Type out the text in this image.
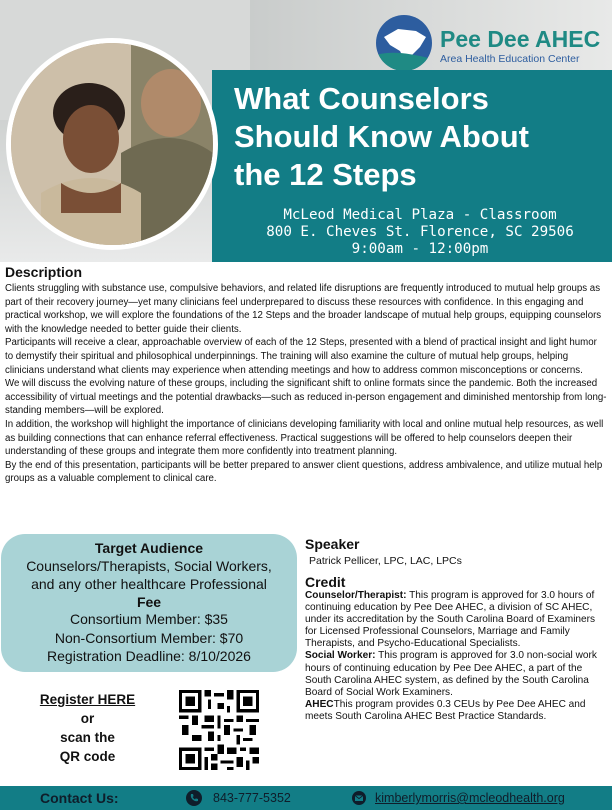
Pee Dee AHEC
Area Health Education Center
What Counselors
Should Know About
the 12 Steps
McLeod Medical Plaza - Classroom
800 E. Cheves St. Florence, SC 29506
9:00am - 12:00pm
Description

Clients struggling with substance use, compulsive behaviors, and related life disruptions are frequently introduced to mutual help groups as part of their recovery journey—yet many clinicians feel underprepared to discuss these resources with confidence. In this engaging and practical workshop, we will explore the foundations of the 12 Steps and the broader landscape of mutual help groups, equipping counselors with the knowledge needed to better guide their clients.

Participants will receive a clear, approachable overview of each of the 12 Steps, presented with a blend of practical insight and light humor to demystify their spiritual and philosophical underpinnings. The training will also examine the culture of mutual help groups, helping clinicians understand what clients may experience when attending meetings and how to address common misconceptions or concerns.

We will discuss the evolving nature of these groups, including the significant shift to online formats since the pandemic. Both the increased accessibility of virtual meetings and the potential drawbacks—such as reduced in-person engagement and diminished mentorship from long-standing members—will be explored.

In addition, the workshop will highlight the importance of clinicians developing familiarity with local and online mutual help resources, as well as building connections that can enhance referral effectiveness. Practical suggestions will be offered to help counselors deepen their understanding of these groups and integrate them more confidently into treatment planning.

By the end of this presentation, participants will be better prepared to answer client questions, address ambivalence, and utilize mutual help groups as a valuable complement to clinical care.

Target Audience
Counselors/Therapists, Social Workers,
and any other healthcare Professional
Fee
Consortium Member: $35
Non-Consortium Member: $70
Registration Deadline: 8/10/2026
Register HERE
or
scan the
QR code
Speaker
Patrick Pellicer, LPC, LAC, LPCs
Credit

Counselor/Therapist: This program is approved for 3.0 hours of continuing education by Pee Dee AHEC, a division of SC AHEC, under its accreditation by the South Carolina Board of Examiners for Licensed Professional Counselors, Marriage and Family Therapists, and Psycho-Educational Specialists.

Social Worker: This program is approved for 3.0 non-social work hours of continuing education by Pee Dee AHEC, a part of the South Carolina AHEC system, as defined by the South Carolina Board of Social Work Examiners.

AHECThis program provides 0.3 CEUs by Pee Dee AHEC and meets South Carolina AHEC Best Practice Standards.

Contact Us:	843-777-5352	kimberlymorris@mcleodhealth.org
